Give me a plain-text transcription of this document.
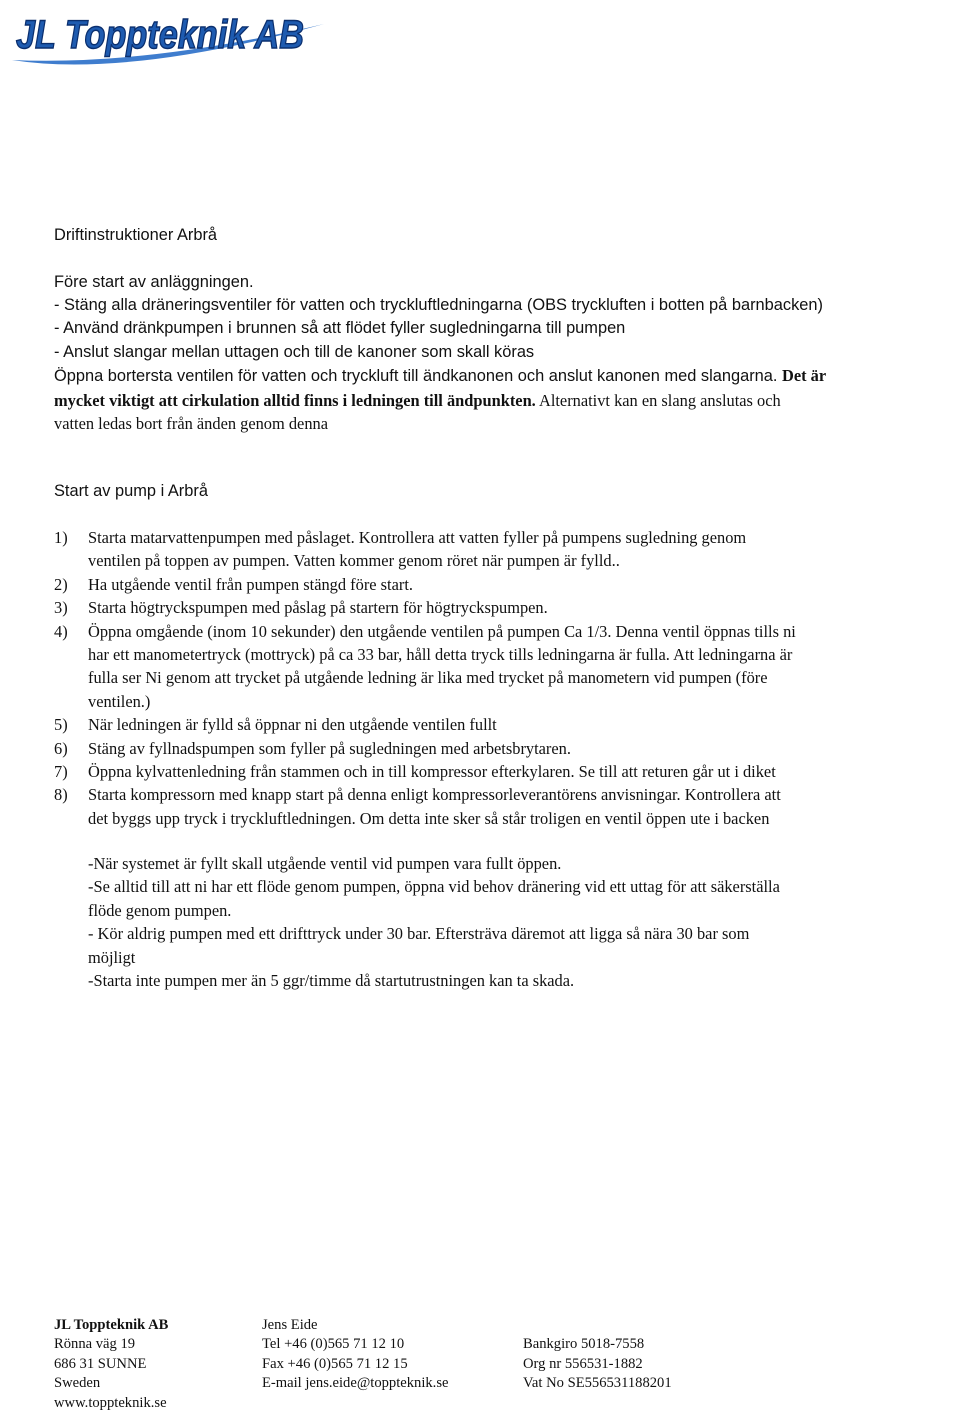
JL Toppteknik AB
Driftinstruktioner Arbrå
Före start av anläggningen.
- Stäng alla dräneringsventiler för vatten och tryckluftledningarna (OBS tryckluften i botten på barnbacken)
- Använd dränkpumpen i brunnen så att flödet fyller sugledningarna till pumpen
- Anslut slangar mellan uttagen och till de kanoner som skall köras
Öppna bortersta ventilen för vatten och tryckluft till ändkanonen och anslut kanonen med slangarna. Det är
mycket viktigt att cirkulation alltid finns i ledningen till ändpunkten. Alternativt kan en slang anslutas och
vatten ledas bort från änden genom denna
Start av pump i Arbrå
1) Starta matarvattenpumpen med påslaget. Kontrollera att vatten fyller på pumpens sugledning genom
ventilen på toppen av pumpen. Vatten kommer genom röret när pumpen är fylld..
2) Ha utgående ventil från pumpen stängd före start.
3) Starta högtryckspumpen med påslag på startern för högtryckspumpen.
4) Öppna omgående (inom 10 sekunder) den utgående ventilen på pumpen Ca 1/3. Denna ventil öppnas tills ni
har ett manometertryck (mottryck) på ca 33 bar, håll detta tryck tills ledningarna är fulla. Att ledningarna är
fulla ser Ni genom att trycket på utgående ledning är lika med trycket på manometern vid pumpen (före
ventilen.)
5) När ledningen är fylld så öppnar ni den utgående ventilen fullt
6) Stäng av fyllnadspumpen som fyller på sugledningen med arbetsbrytaren.
7) Öppna kylvattenledning från stammen och in till kompressor efterkylaren. Se till att returen går ut i diket
8) Starta kompressorn med knapp start på denna enligt kompressorleverantörens anvisningar. Kontrollera att
det byggs upp tryck i tryckluftledningen. Om detta inte sker så står troligen en ventil öppen ute i backen
-När systemet är fyllt skall utgående ventil vid pumpen vara fullt öppen.
-Se alltid till att ni har ett flöde genom pumpen, öppna vid behov dränering vid ett uttag för att säkerställa
flöde genom pumpen.
- Kör aldrig pumpen med ett drifttryck under 30 bar. Eftersträva däremot att ligga så nära 30 bar som
möjligt
-Starta inte pumpen mer än 5 ggr/timme då startutrustningen kan ta skada.
JL Toppteknik AB
Rönna väg 19
686 31 SUNNE
Sweden
www.toppteknik.se
Jens Eide
Tel +46 (0)565 71 12 10
Fax +46 (0)565 71 12 15
E-mail jens.eide@toppteknik.se
Bankgiro 5018-7558
Org nr 556531-1882
Vat No SE556531188201
